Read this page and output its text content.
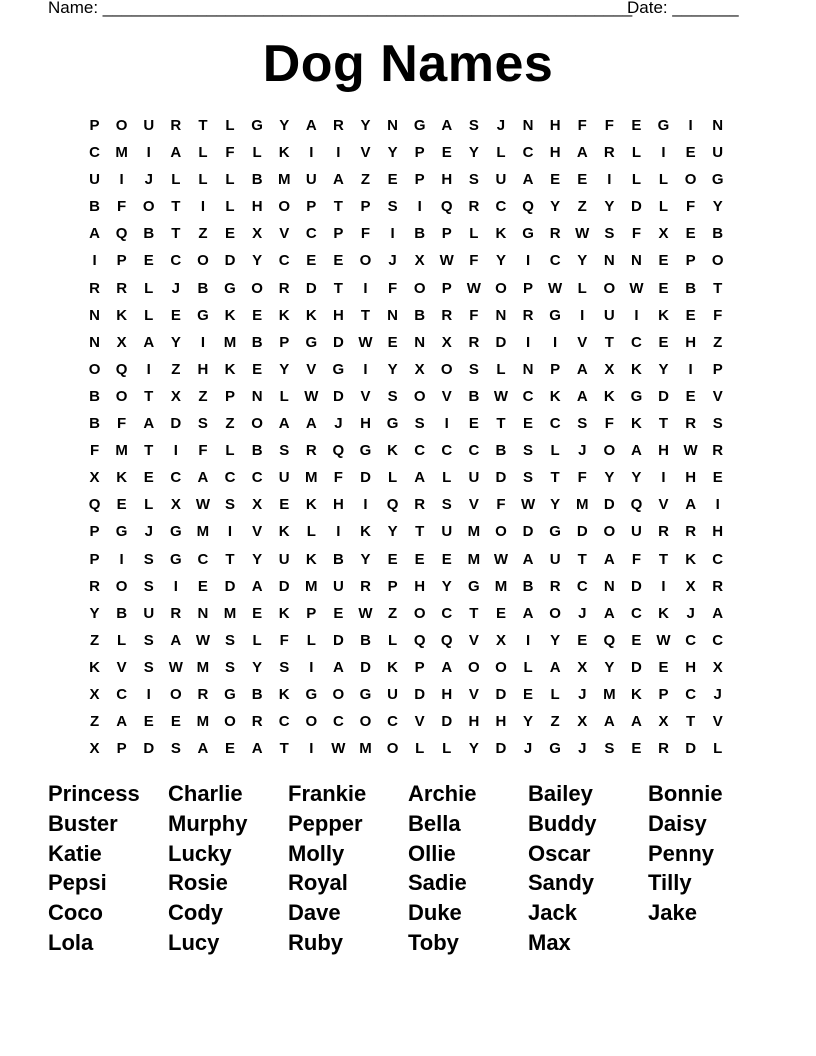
Name: ________________________________________________________
Date: _______
Dog Names
P	O	U	R	T	L	G	Y	A	R	Y	N	G	A	S	J	N	H	F	F	E	G	I	N
C	M	I	A	L	F	L	K	I	I	V	Y	P	E	Y	L	C	H	A	R	L	I	E	U
U	I	J	L	L	L	B	M	U	A	Z	E	P	H	S	U	A	E	E	I	L	L	O	G
B	F	O	T	I	L	H	O	P	T	P	S	I	Q	R	C	Q	Y	Z	Y	D	L	F	Y
A	Q	B	T	Z	E	X	V	C	P	F	I	B	P	L	K	G	R W	S	F	X	E	B
I	P	E	C	O	D	Y	C	E	E	O	J	X	W	F	Y	I	C	Y	N	N	E	P	O
R	R	L	J	B	G	O	R	D	T	I	F	O	P	W O	P	W	L	O W	E	B	T
N	K	L	E	G	K	E	K	K	H	T	N	B	R	F	N	R	G	I	U	I	K	E	F
N	X	A	Y	I	M	B	P	G	D W	E	N	X	R	D	I	I	V	T	C	E	H	Z
O	Q	I	Z	H	K	E	Y	V	G	I	Y	X	O	S	L	N	P	A	X	K	Y	I	P
B	O	T	X	Z	P	N	L	W D	V	S	O	V	B W C	K	A	K	G	D	E	V
B	F	A	D	S	Z	O	A	A	J	H	G	S	I	E	T	E	C	S	F	K	T	R	S
F	M	T	I	F	L	B	S	R	Q	G	K	C	C	C	B	S	L	J	O	A	H W R
X	K	E	C	A	C	C	U	M	F	D	L	A	L	U	D	S	T	F	Y	Y	I	H	E
Q	E	L	X	W	S	X	E	K	H	I	Q	R	S	V	F	W	Y	M	D	Q	V	A	I
P	G	J	G	M	I	V	K	L	I	K	Y	T	U	M	O	D	G	D	O	U	R	R	H
P	I	S	G	C	T	Y	U	K	B	Y	E	E	E	M W A	U	T	A	F	T	K	C
R	O	S	I	E	D	A	D	M	U	R	P	H	Y	G	M	B	R	C	N	D	I	X	R
Y	B	U	R	N	M	E	K	P	E	W	Z	O	C	T	E	A	O	J	A	C	K	J	A
Z	L	S	A W	S	L	F	L	D	B	L	Q	Q	V	X	I	Y	E	Q	E	W C	C
K	V	S	W M	S	Y	S	I	A	D	K	P	A	O	O	L	A	X	Y	D	E	H	X
X	C	I	O	R	G	B	K	G	O	G	U	D	H	V	D	E	L	J	M	K	P	C	J
Z	A	E	E	M	O	R	C	O	C	O	C	V	D	H	H	Y	Z	X	A	A	X	T	V
X	P	D	S	A	E	A	T	I	W M	O	L	L	Y	D	J	G	J	S	E	R	D	L
Princess	Charlie	Frankie	Archie	Bailey	Bonnie
Buster	Murphy	Pepper	Bella	Buddy	Daisy
Katie	Lucky	Molly	Ollie	Oscar	Penny
Pepsi	Rosie	Royal	Sadie	Sandy	Tilly
Coco	Cody	Dave	Duke	Jack	Jake
Lola	Lucy	Ruby	Toby	Max
